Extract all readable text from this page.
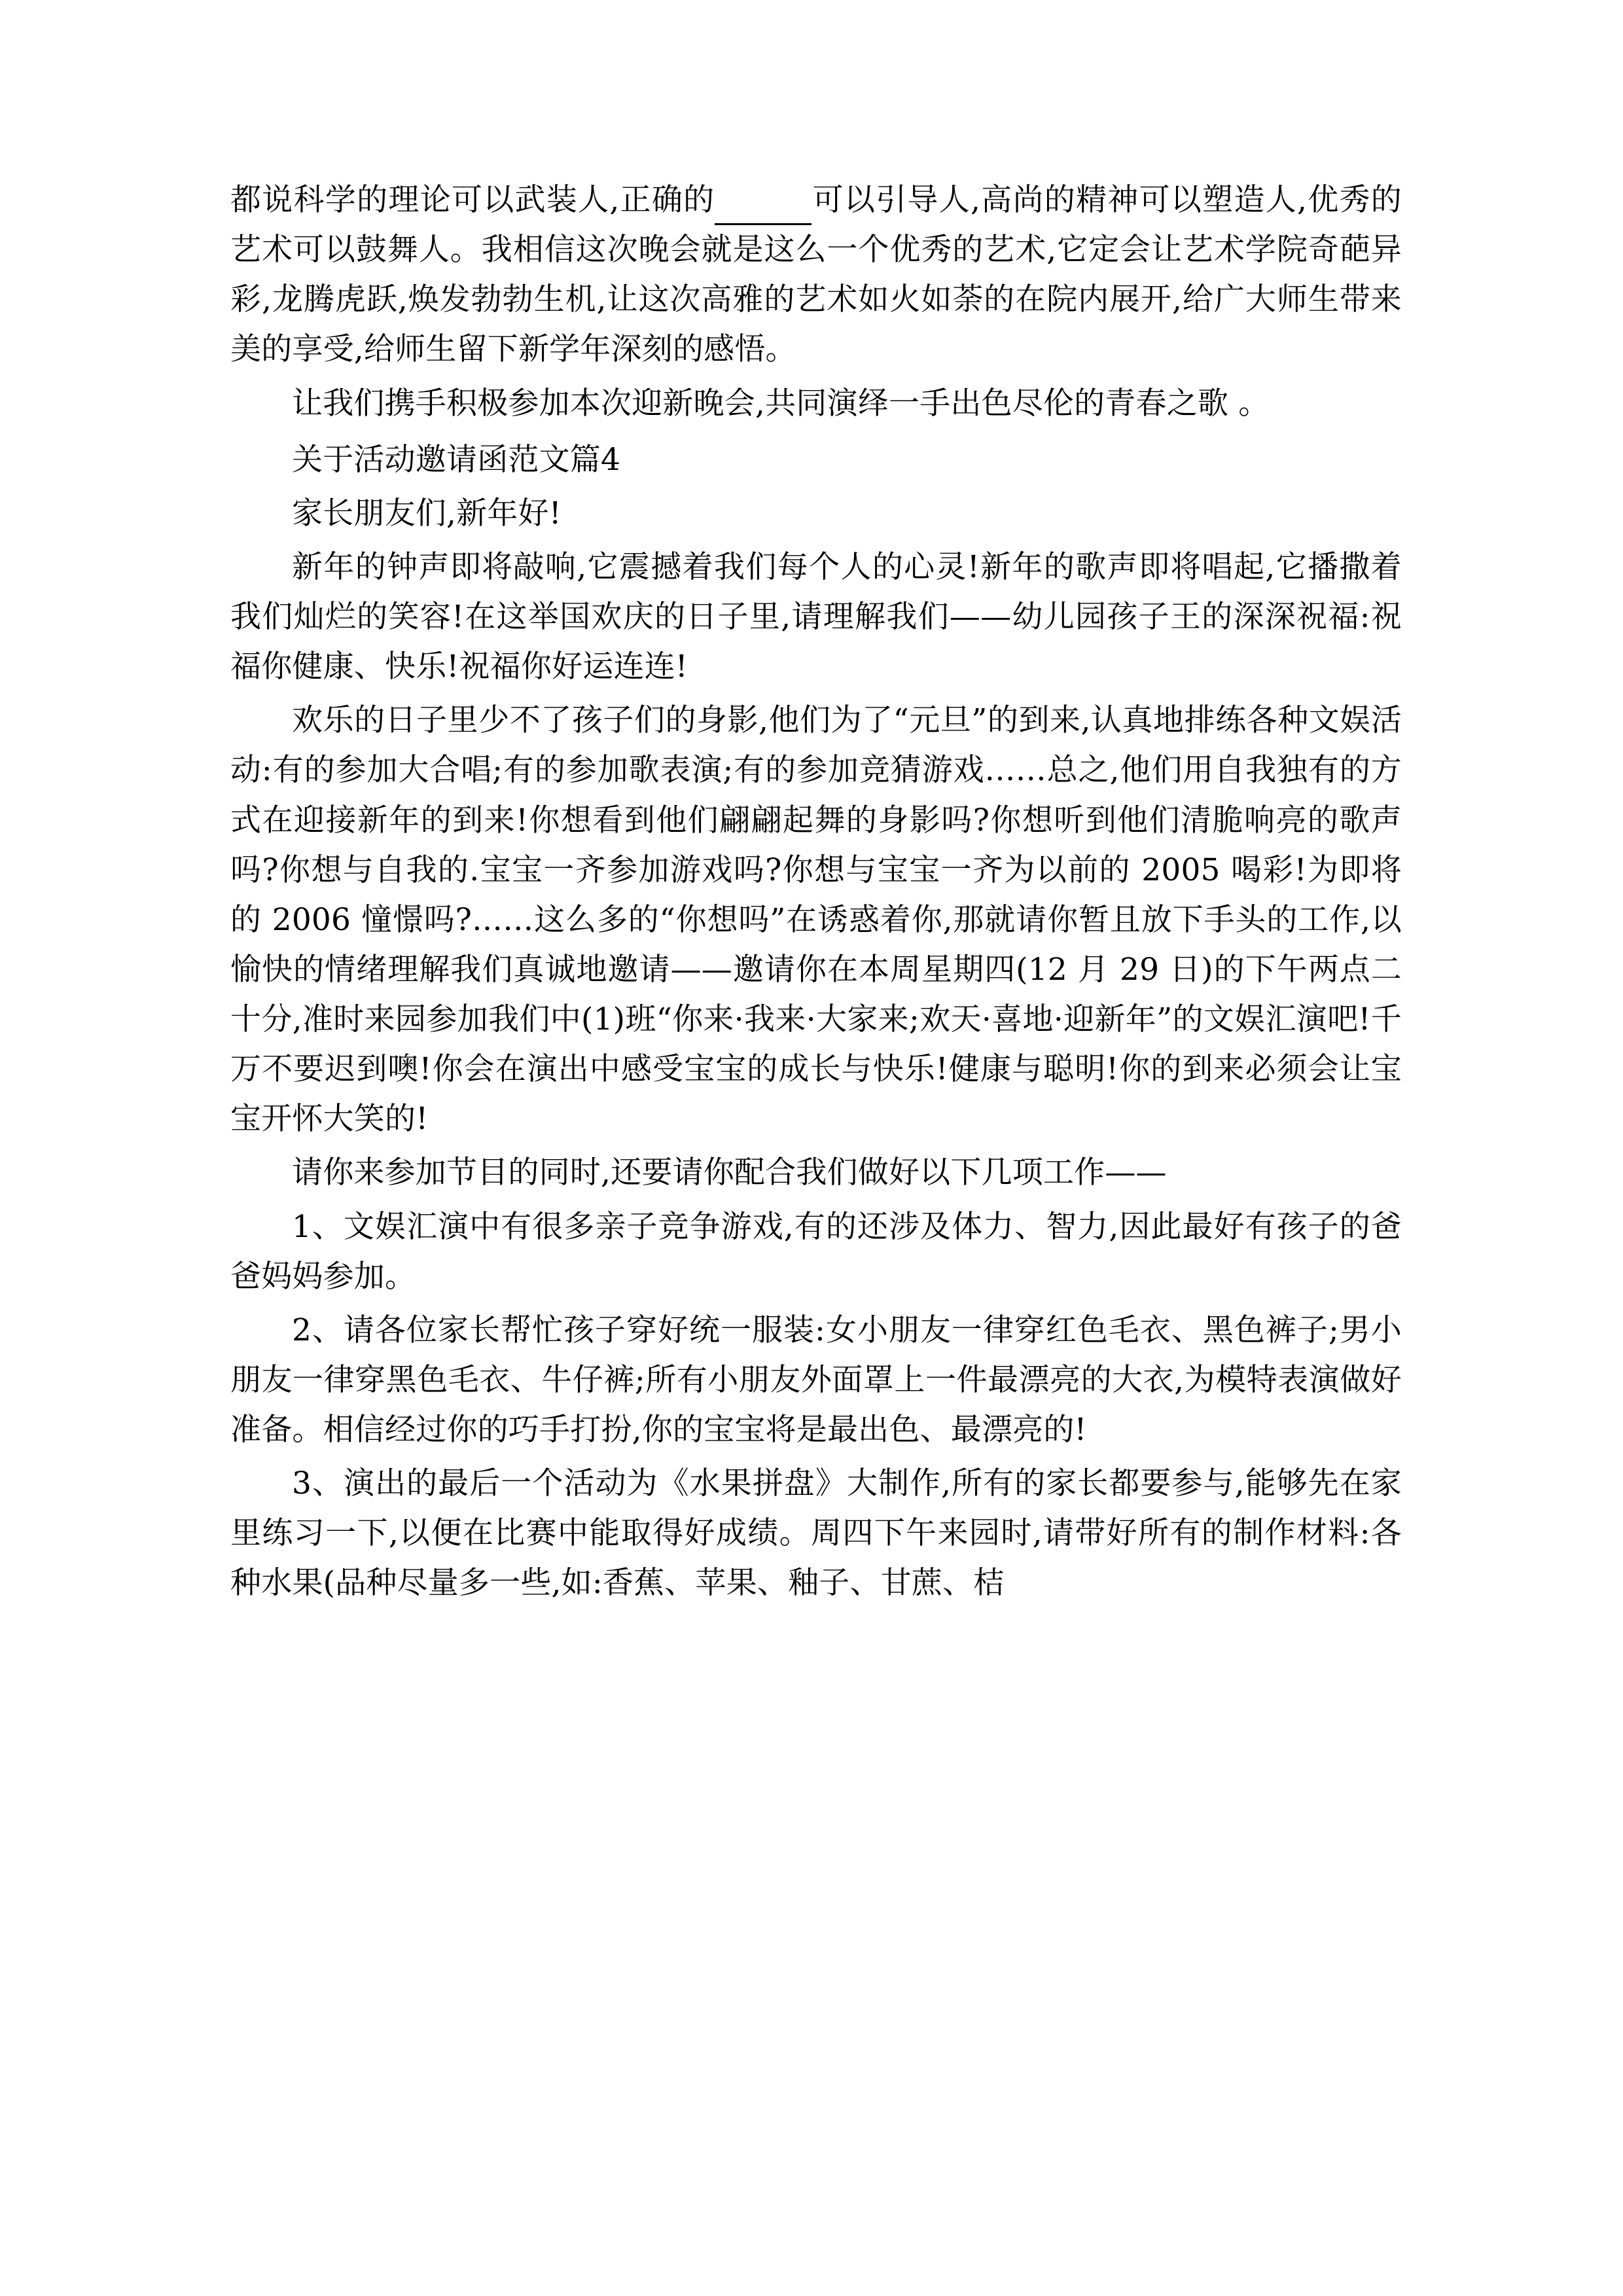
都说科学的理论可以武装人,正确的	可以引导人,高尚的精神可以塑造人,优秀的艺术可以鼓舞人。我相信这次晚会就是这么一个优秀的艺术,它定会让艺术学院奇葩异彩,龙腾虎跃,焕发勃勃生机,让这次高雅的艺术如火如荼的在院内展开,给广大师生带来美的享受,给师生留下新学年深刻的感悟。

让我们携手积极参加本次迎新晚会,共同演绎一手出色尽伦的青春之歌 。

关于活动邀请函范文篇4

家长朋友们,新年好!

新年的钟声即将敲响,它震撼着我们每个人的心灵!新年的歌声即将唱起,它播撒着我们灿烂的笑容!在这举国欢庆的日子里,请理解我们——幼儿园孩子王的深深祝福:祝福你健康、快乐!祝福你好运连连!

欢乐的日子里少不了孩子们的身影,他们为了“元旦”的到来,认真地排练各种文娱活动:有的参加大合唱;有的参加歌表演;有的参加竞猜游戏……总之,他们用自我独有的方式在迎接新年的到来!你想看到他们翩翩起舞的身影吗?你想听到他们清脆响亮的歌声吗?你想与自我的.宝宝一齐参加游戏吗?你想与宝宝一齐为以前的 2005 喝彩!为即将的 2006 憧憬吗?……这么多的“你想吗”在诱惑着你,那就请你暂且放下手头的工作,以愉快的情绪理解我们真诚地邀请——邀请你在本周星期四(12 月 29 日)的下午两点二十分,准时来园参加我们中(1)班“你来·我来·大家来;欢天·喜地·迎新年”的文娱汇演吧!千万不要迟到噢!你会在演出中感受宝宝的成长与快乐!健康与聪明!你的到来必须会让宝宝开怀大笑的!

请你来参加节目的同时,还要请你配合我们做好以下几项工作——

1、文娱汇演中有很多亲子竞争游戏,有的还涉及体力、智力,因此最好有孩子的爸爸妈妈参加。

2、请各位家长帮忙孩子穿好统一服装:女小朋友一律穿红色毛衣、黑色裤子;男小朋友一律穿黑色毛衣、牛仔裤;所有小朋友外面罩上一件最漂亮的大衣,为模特表演做好准备。相信经过你的巧手打扮,你的宝宝将是最出色、最漂亮的!

3、演出的最后一个活动为《水果拼盘》大制作,所有的家长都要参与,能够先在家里练习一下,以便在比赛中能取得好成绩。周四下午来园时,请带好所有的制作材料:各种水果(品种尽量多一些,如:香蕉、苹果、釉子、甘蔗、桔
